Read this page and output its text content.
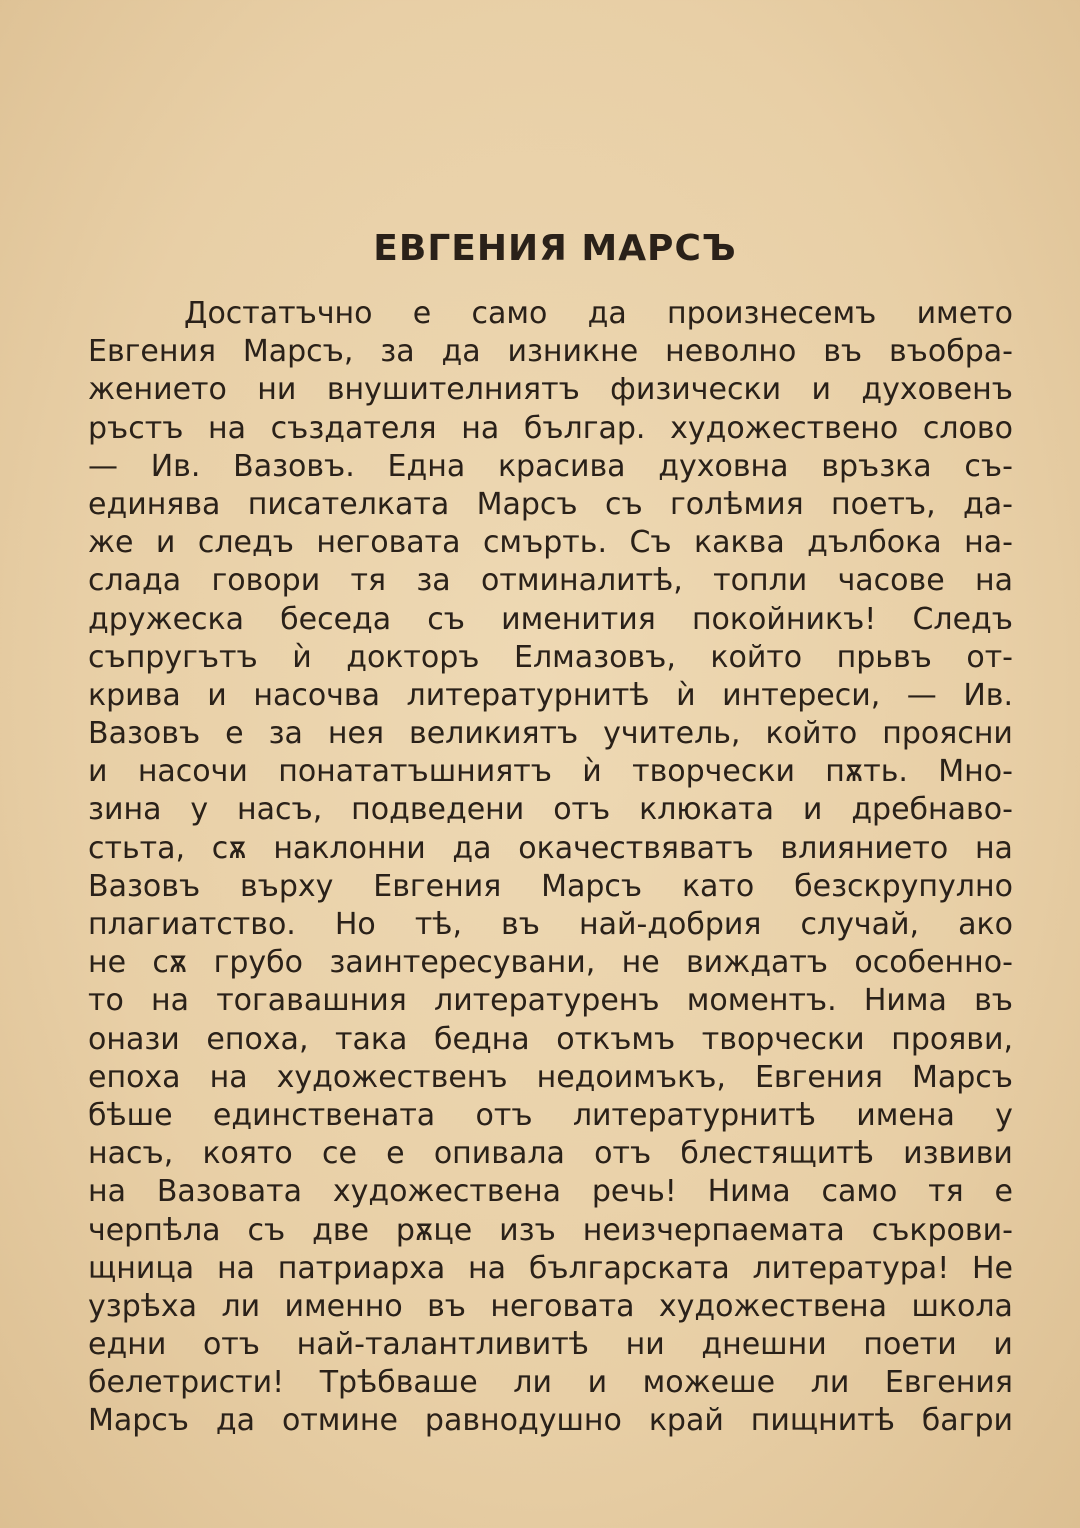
ЕВГЕНИЯ МАРСЪ
Достатъчно е само да произнесемъ името
Евгения Марсъ, за да изникне неволно въ въобра-
жението ни внушителниятъ физически и духовенъ
ръстъ на създателя на българ. художествено слово
— Ив. Вазовъ. Една красива духовна връзка съ-
единява писателката Марсъ съ голѣмия поетъ, да-
же и следъ неговата смърть. Съ каква дълбока на-
слада говори тя за отминалитѣ, топли часове на
дружеска беседа съ именития покойникъ! Следъ
съпругътъ ѝ докторъ Елмазовъ, който прьвъ от-
крива и насочва литературнитѣ ѝ интереси, — Ив.
Вазовъ е за нея великиятъ учитель, който проясни
и насочи понататъшниятъ ѝ творчески пѫть. Мно-
зина у насъ, подведени отъ клюката и дребнаво-
стьта, сѫ наклонни да окачествяватъ влиянието на
Вазовъ върху Евгения Марсъ като безскрупулно
плагиатство. Но тѣ, въ най-добрия случай, ако
не сѫ грубо заинтересувани, не виждатъ особенно-
то на тогавашния литературенъ моментъ. Нима въ
онази епоха, така бедна откъмъ творчески прояви,
епоха на художественъ недоимъкъ, Евгения Марсъ
бѣше единствената отъ литературнитѣ имена у
насъ, която се е опивала отъ блестящитѣ извиви
на Вазовата художествена речь! Нима само тя е
черпѣла съ две рѫце изъ неизчерпаемата съкрови-
щница на патриарха на българската литература! Не
узрѣха ли именно въ неговата художествена школа
едни отъ най-талантливитѣ ни днешни поети и
белетристи! Трѣбваше ли и можеше ли Евгения
Марсъ да отмине равнодушно край пищнитѣ багри
